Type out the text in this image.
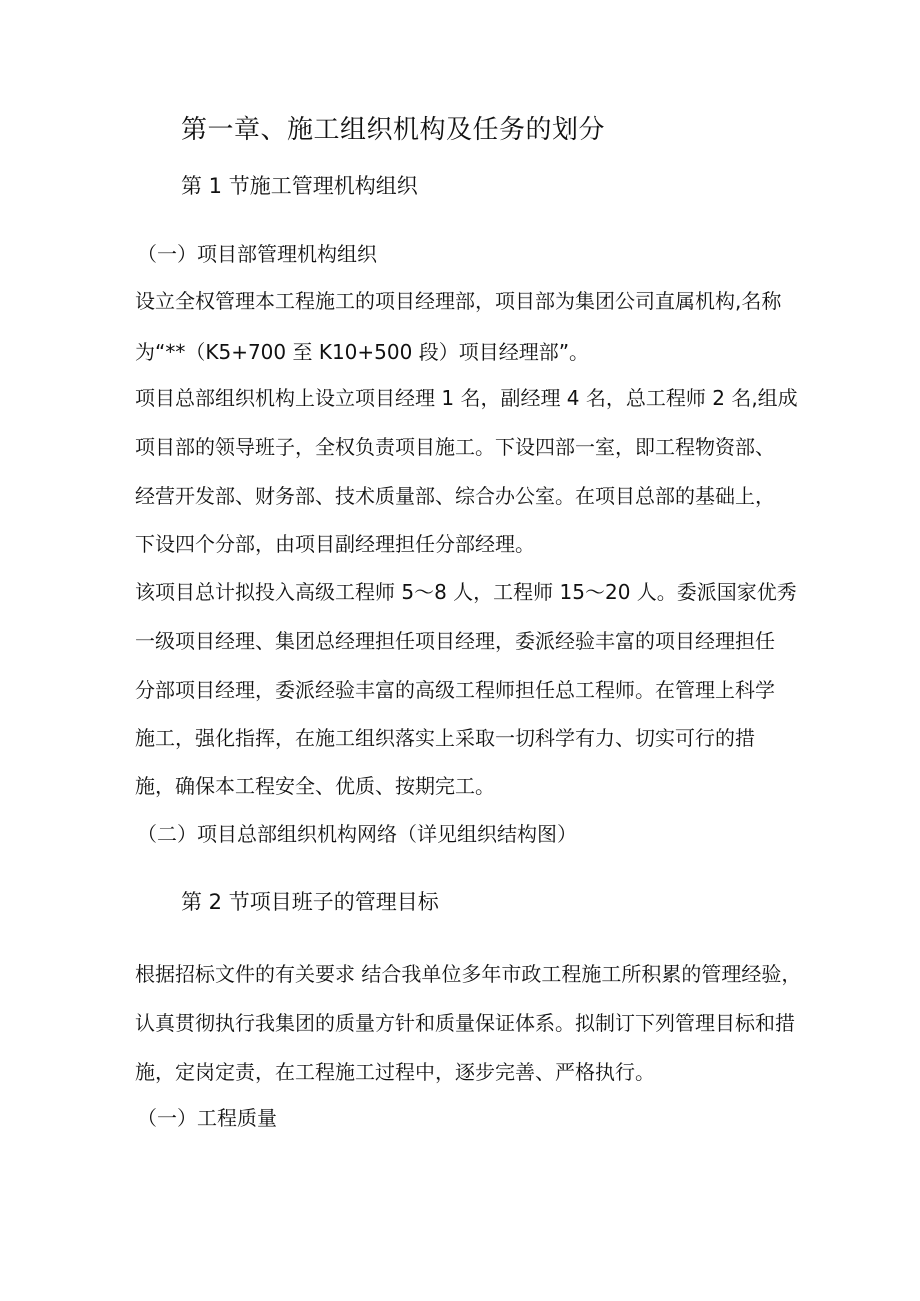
第一章、施工组织机构及任务的划分
第 1 节施工管理机构组织
（一）项目部管理机构组织
设立全权管理本工程施工的项目经理部，项目部为集团公司直属机构,名称
为“**（K5+700 至 K10+500 段）项目经理部”。
项目总部组织机构上设立项目经理 1 名，副经理 4 名，总工程师 2 名,组成
项目部的领导班子，全权负责项目施工。下设四部一室，即工程物资部、
经营开发部、财务部、技术质量部、综合办公室。在项目总部的基础上，
下设四个分部，由项目副经理担任分部经理。
该项目总计拟投入高级工程师 5〜8 人，工程师 15〜20 人。委派国家优秀
一级项目经理、集团总经理担任项目经理，委派经验丰富的项目经理担任
分部项目经理，委派经验丰富的高级工程师担任总工程师。在管理上科学
施工，强化指挥，在施工组织落实上采取一切科学有力、切实可行的措
施，确保本工程安全、优质、按期完工。
（二）项目总部组织机构网络（详见组织结构图）
第 2 节项目班子的管理目标
根据招标文件的有关要求 结合我单位多年市政工程施工所积累的管理经验，
认真贯彻执行我集团的质量方针和质量保证体系。拟制订下列管理目标和措
施，定岗定责，在工程施工过程中，逐步完善、严格执行。
（一）工程质量
